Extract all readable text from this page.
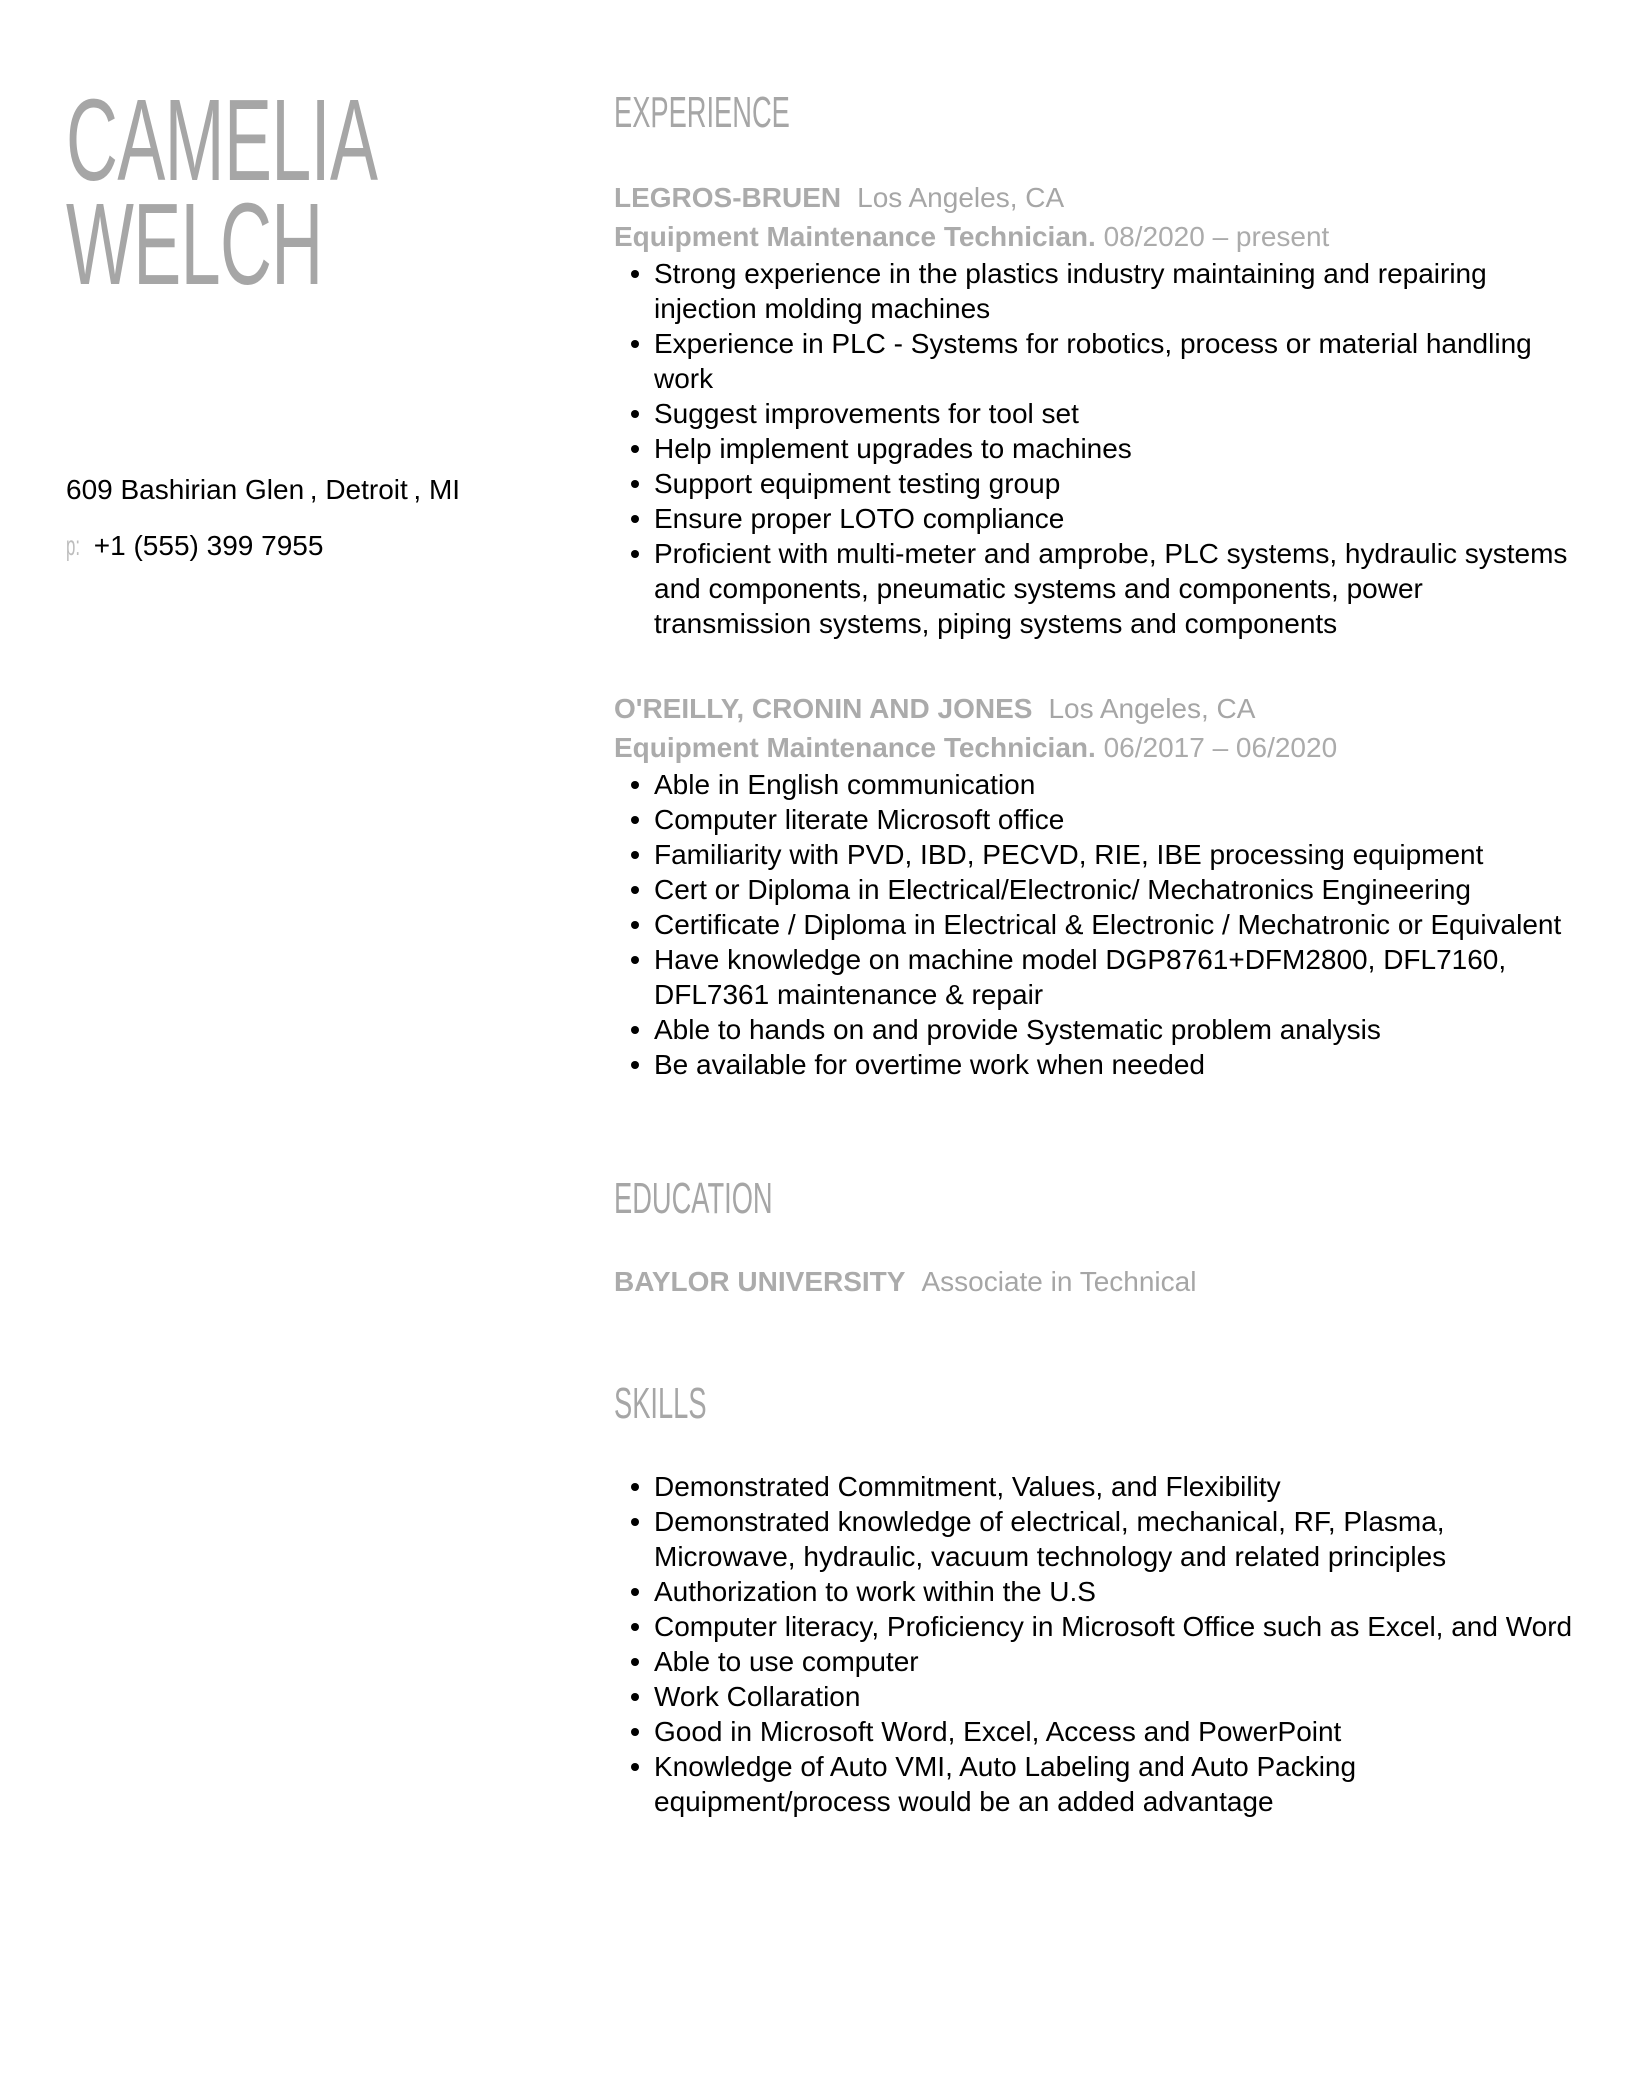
CAMELIA
WELCH
609 Bashirian Glen , Detroit , MI
p: +1 (555) 399 7955
EXPERIENCE
LEGROS-BRUEN Los Angeles, CA
Equipment Maintenance Technician. 08/2020 – present
Strong experience in the plastics industry maintaining and repairing injection molding machines
Experience in PLC - Systems for robotics, process or material handling work
Suggest improvements for tool set
Help implement upgrades to machines
Support equipment testing group
Ensure proper LOTO compliance
Proficient with multi-meter and amprobe, PLC systems, hydraulic systems and components, pneumatic systems and components, power transmission systems, piping systems and components
O'REILLY, CRONIN AND JONES Los Angeles, CA
Equipment Maintenance Technician. 06/2017 – 06/2020
Able in English communication
Computer literate Microsoft office
Familiarity with PVD, IBD, PECVD, RIE, IBE processing equipment
Cert or Diploma in Electrical/Electronic/ Mechatronics Engineering
Certificate / Diploma in Electrical & Electronic / Mechatronic or Equivalent
Have knowledge on machine model DGP8761+DFM2800, DFL7160, DFL7361 maintenance & repair
Able to hands on and provide Systematic problem analysis
Be available for overtime work when needed
EDUCATION
BAYLOR UNIVERSITY Associate in Technical
SKILLS
Demonstrated Commitment, Values, and Flexibility
Demonstrated knowledge of electrical, mechanical, RF, Plasma, Microwave, hydraulic, vacuum technology and related principles
Authorization to work within the U.S
Computer literacy, Proficiency in Microsoft Office such as Excel, and Word
Able to use computer
Work Collaration
Good in Microsoft Word, Excel, Access and PowerPoint
Knowledge of Auto VMI, Auto Labeling and Auto Packing equipment/process would be an added advantage
